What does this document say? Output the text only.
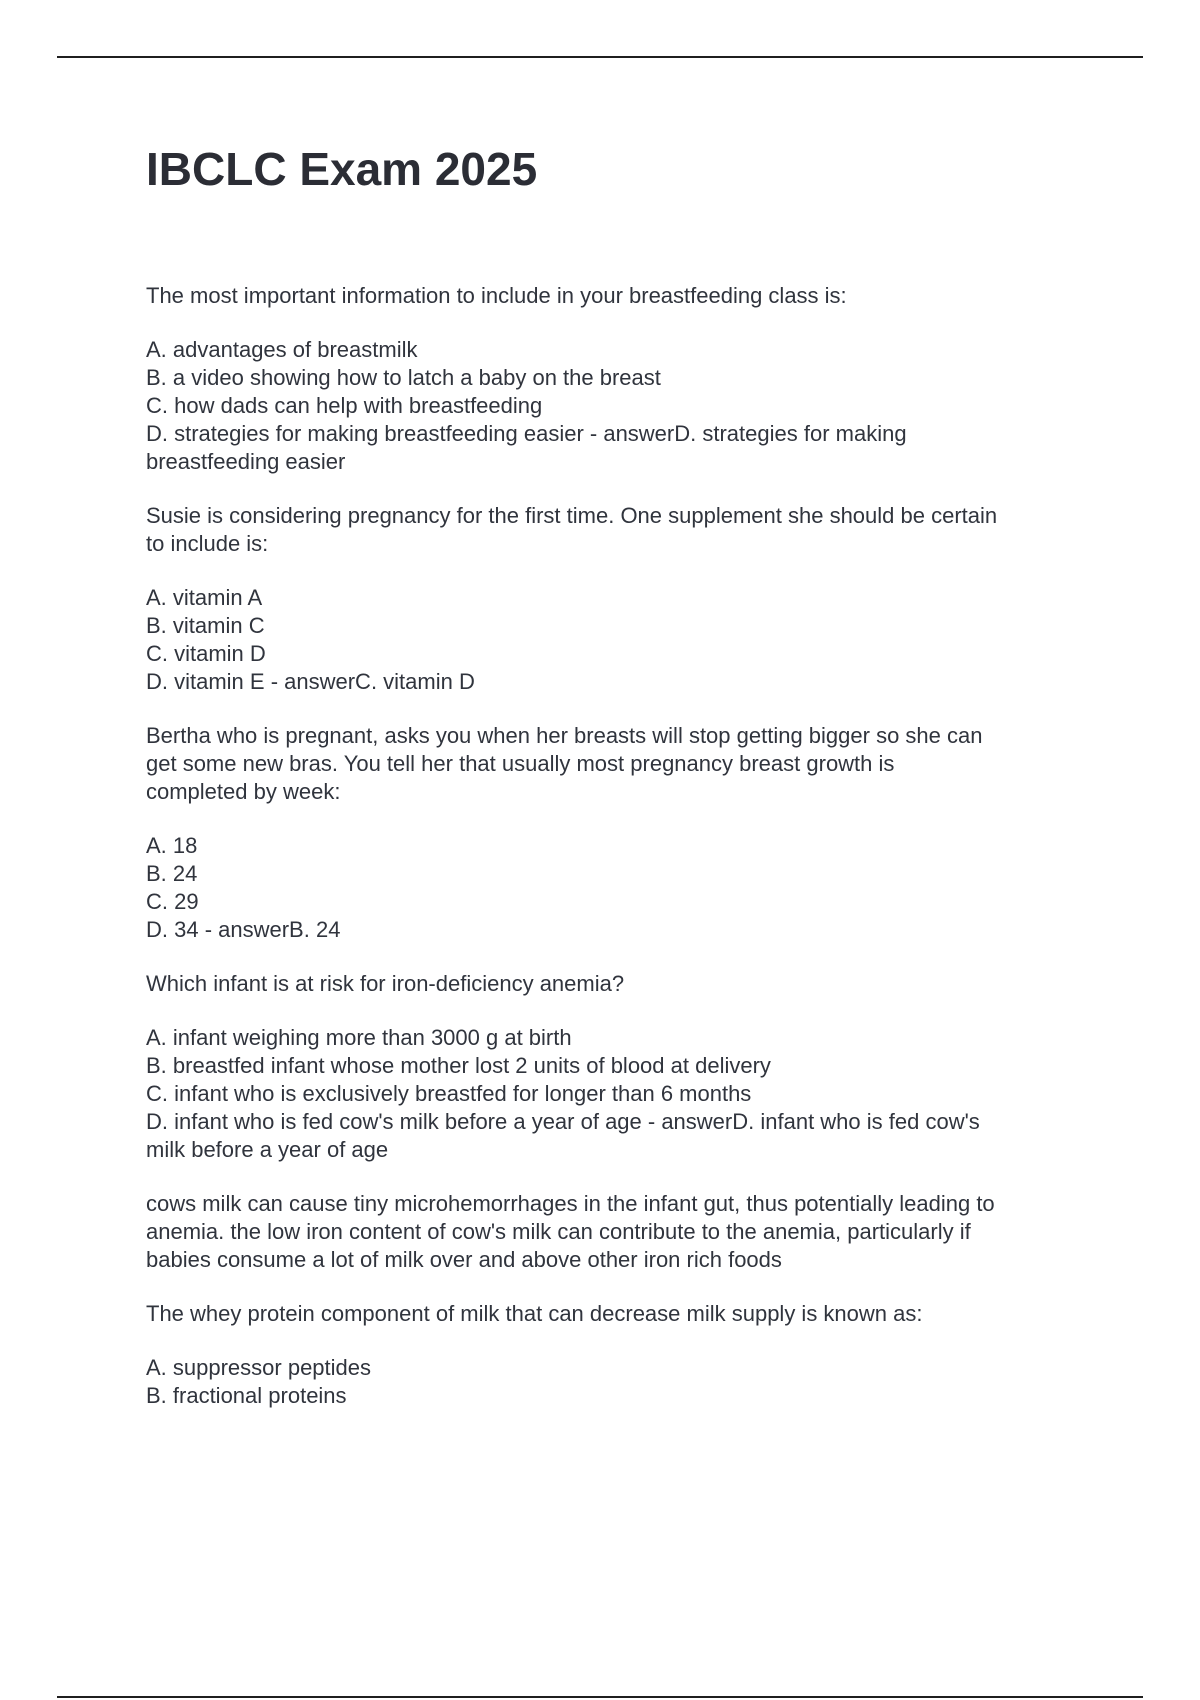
IBCLC Exam 2025
The most important information to include in your breastfeeding class is:
A. advantages of breastmilk
B. a video showing how to latch a baby on the breast
C. how dads can help with breastfeeding
D. strategies for making breastfeeding easier - answerD. strategies for making
breastfeeding easier
Susie is considering pregnancy for the first time. One supplement she should be certain
to include is:
A. vitamin A
B. vitamin C
C. vitamin D
D. vitamin E - answerC. vitamin D
Bertha who is pregnant, asks you when her breasts will stop getting bigger so she can
get some new bras. You tell her that usually most pregnancy breast growth is
completed by week:
A. 18
B. 24
C. 29
D. 34 - answerB. 24
Which infant is at risk for iron-deficiency anemia?
A. infant weighing more than 3000 g at birth
B. breastfed infant whose mother lost 2 units of blood at delivery
C. infant who is exclusively breastfed for longer than 6 months
D. infant who is fed cow's milk before a year of age - answerD. infant who is fed cow's
milk before a year of age
cows milk can cause tiny microhemorrhages in the infant gut, thus potentially leading to
anemia. the low iron content of cow's milk can contribute to the anemia, particularly if
babies consume a lot of milk over and above other iron rich foods
The whey protein component of milk that can decrease milk supply is known as:
A. suppressor peptides
B. fractional proteins
